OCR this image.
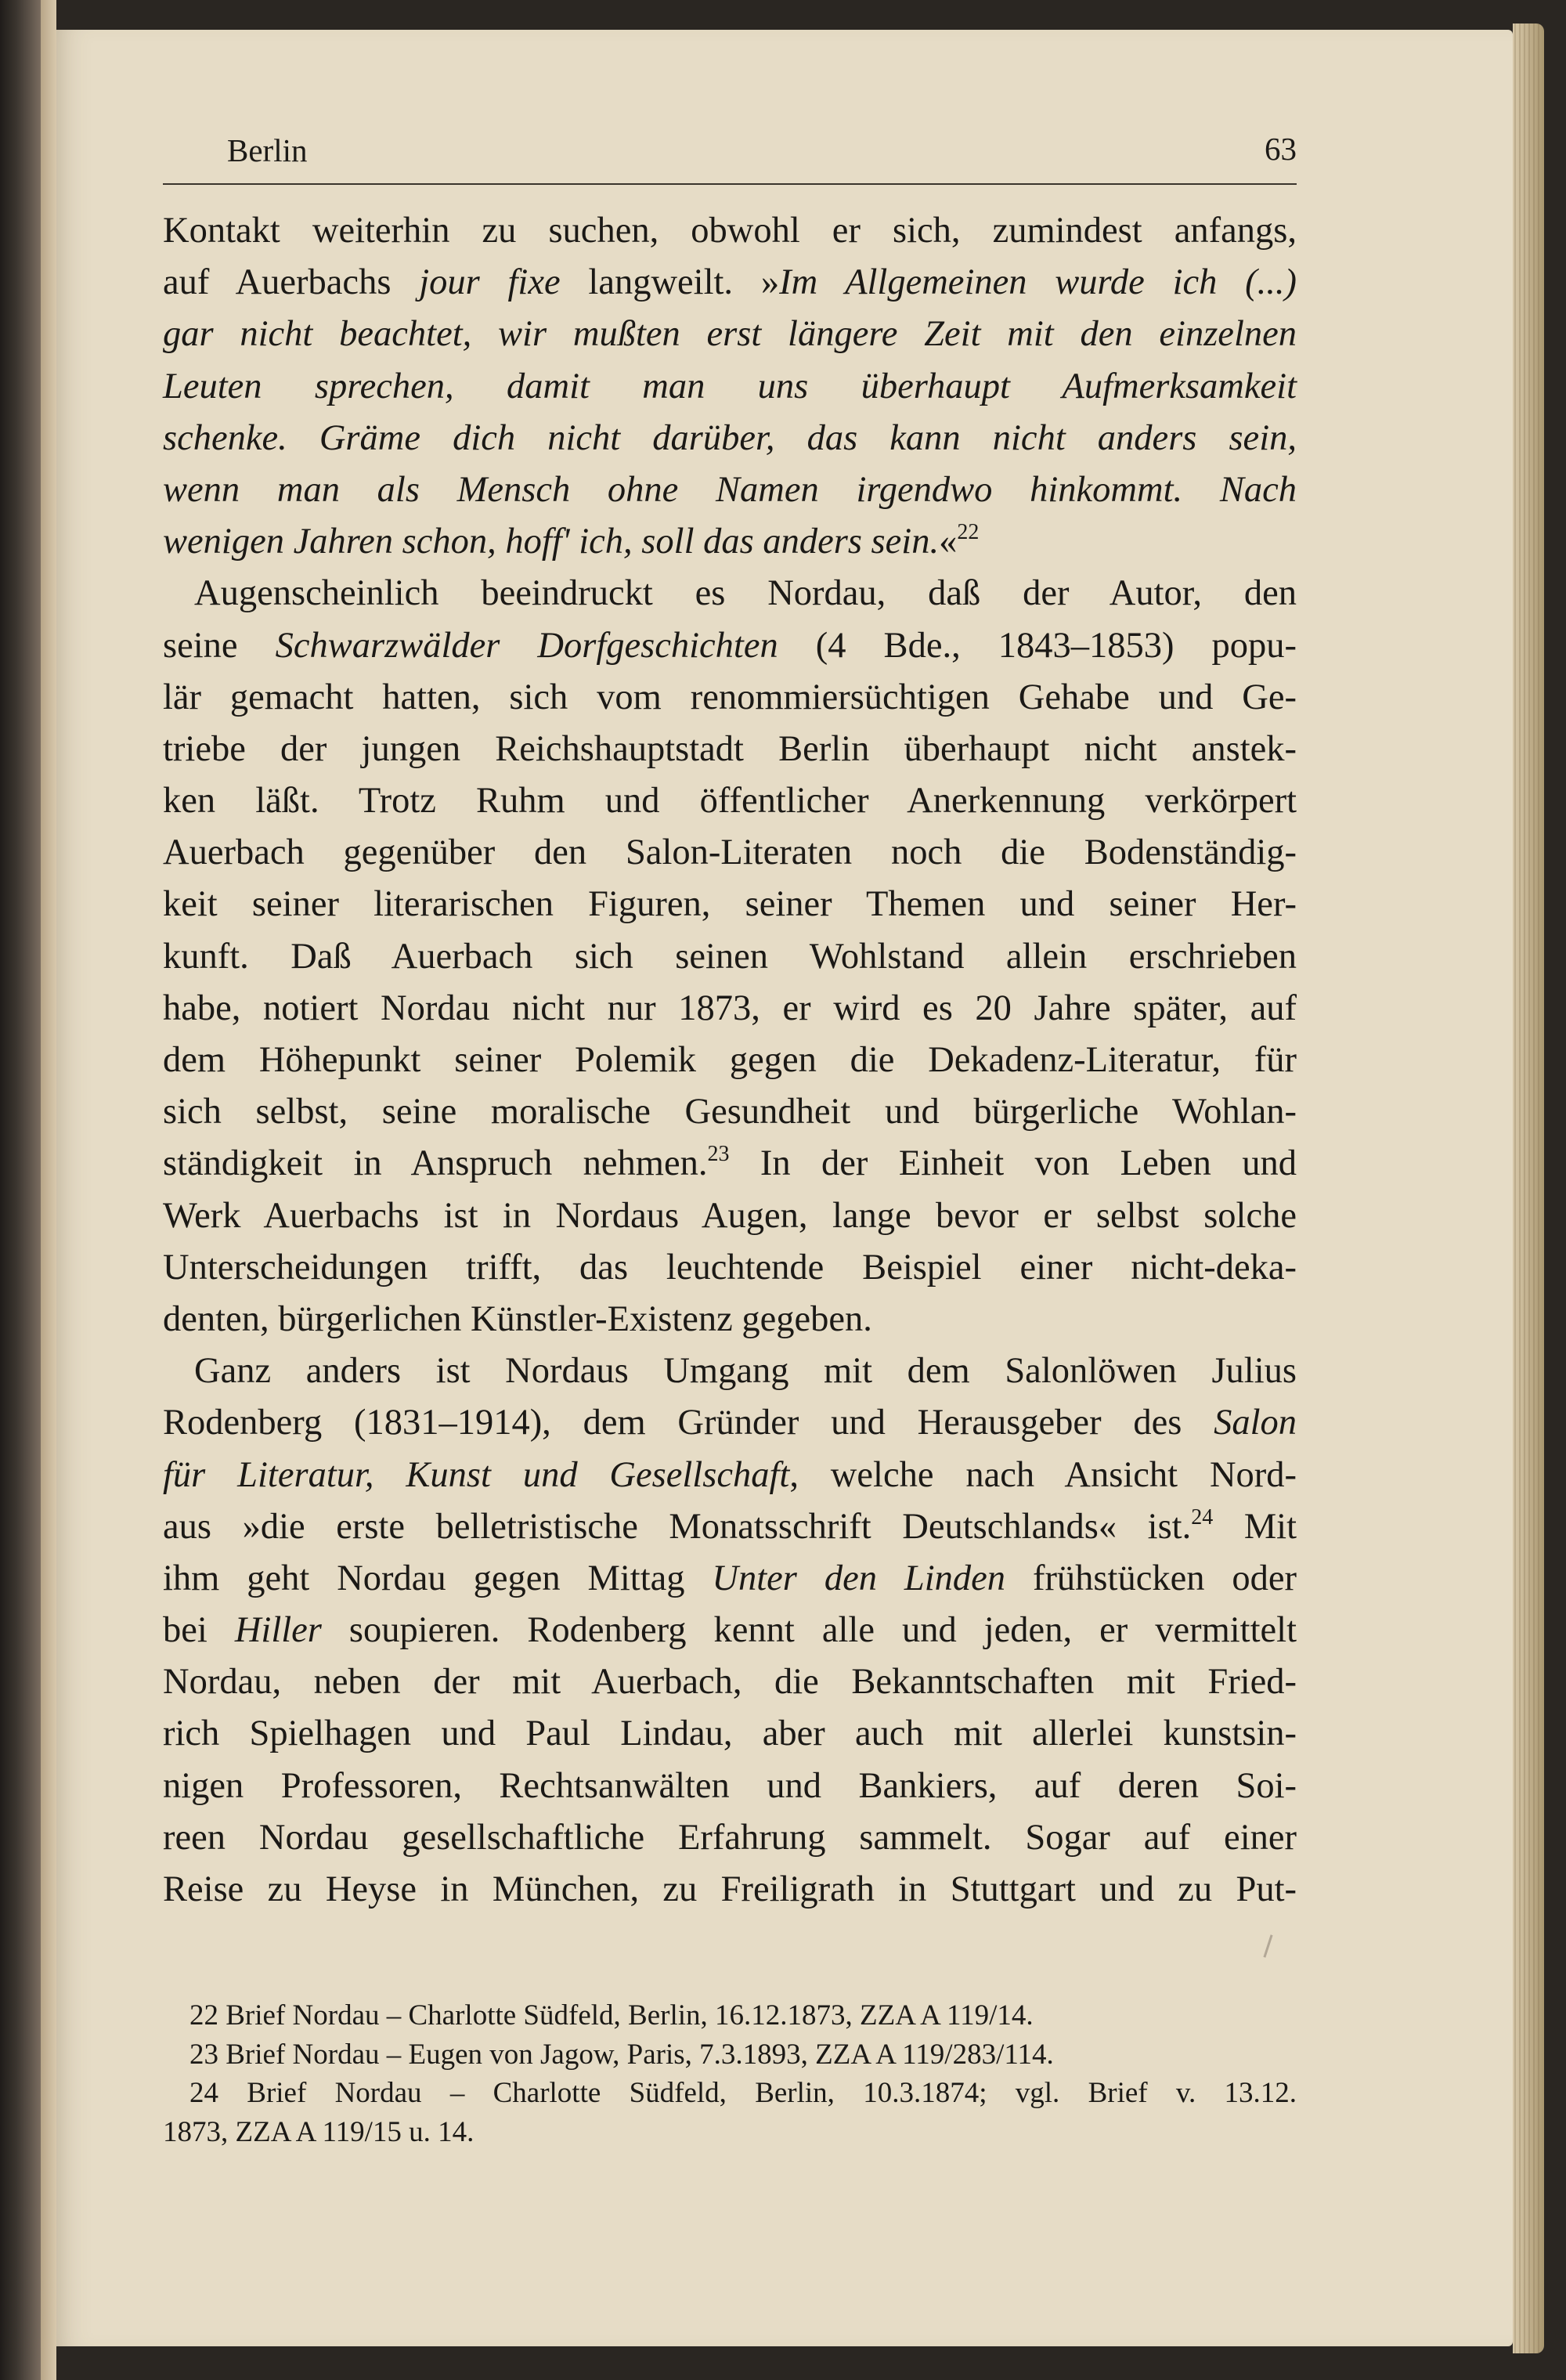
Berlin	63
Kontakt weiterhin zu suchen, obwohl er sich, zumindest anfangs,
auf Auerbachs jour fixe langweilt. »Im Allgemeinen wurde ich (...)
gar nicht beachtet, wir mußten erst längere Zeit mit den einzelnen
Leuten sprechen, damit man uns überhaupt Aufmerksamkeit
schenke. Gräme dich nicht darüber, das kann nicht anders sein,
wenn man als Mensch ohne Namen irgendwo hinkommt. Nach
wenigen Jahren schon, hoff' ich, soll das anders sein.«$^{22}$
Augenscheinlich beeindruckt es Nordau, daß der Autor, den
seine Schwarzwälder Dorfgeschichten (4 Bde., 1843–1853) popu-
lär gemacht hatten, sich vom renommiersüchtigen Gehabe und Ge-
triebe der jungen Reichshauptstadt Berlin überhaupt nicht anstek-
ken läßt. Trotz Ruhm und öffentlicher Anerkennung verkörpert
Auerbach gegenüber den Salon-Literaten noch die Bodenständig-
keit seiner literarischen Figuren, seiner Themen und seiner Her-
kunft. Daß Auerbach sich seinen Wohlstand allein erschrieben
habe, notiert Nordau nicht nur 1873, er wird es 20 Jahre später, auf
dem Höhepunkt seiner Polemik gegen die Dekadenz-Literatur, für
sich selbst, seine moralische Gesundheit und bürgerliche Wohlan-
ständigkeit in Anspruch nehmen.$^{23}$ In der Einheit von Leben und
Werk Auerbachs ist in Nordaus Augen, lange bevor er selbst solche
Unterscheidungen trifft, das leuchtende Beispiel einer nicht-deka-
denten, bürgerlichen Künstler-Existenz gegeben.
Ganz anders ist Nordaus Umgang mit dem Salonlöwen Julius
Rodenberg (1831–1914), dem Gründer und Herausgeber des Salon
für Literatur, Kunst und Gesellschaft, welche nach Ansicht Nord-
aus »die erste belletristische Monatsschrift Deutschlands« ist.$^{24}$ Mit
ihm geht Nordau gegen Mittag Unter den Linden frühstücken oder
bei Hiller soupieren. Rodenberg kennt alle und jeden, er vermittelt
Nordau, neben der mit Auerbach, die Bekanntschaften mit Fried-
rich Spielhagen und Paul Lindau, aber auch mit allerlei kunstsin-
nigen Professoren, Rechtsanwälten und Bankiers, auf deren Soi-
reen Nordau gesellschaftliche Erfahrung sammelt. Sogar auf einer
Reise zu Heyse in München, zu Freiligrath in Stuttgart und zu Put-
22 Brief Nordau – Charlotte Südfeld, Berlin, 16.12.1873, ZZA A 119/14.
23 Brief Nordau – Eugen von Jagow, Paris, 7.3.1893, ZZA A 119/283/114.
24 Brief Nordau – Charlotte Südfeld, Berlin, 10.3.1874; vgl. Brief v. 13.12.
1873, ZZA A 119/15 u. 14.
